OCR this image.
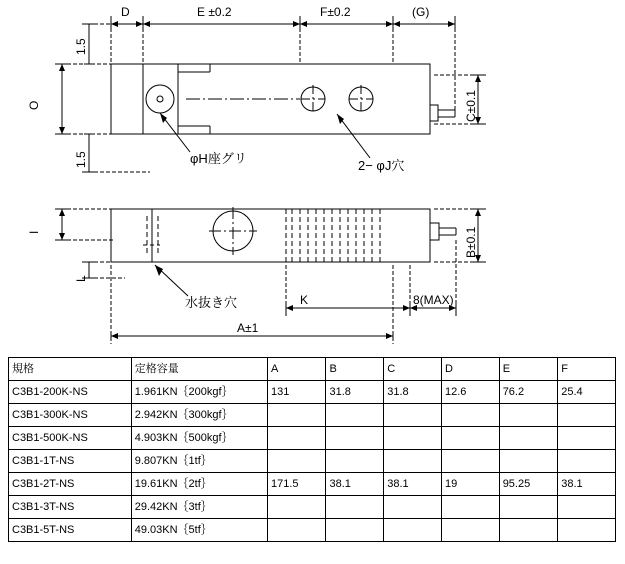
D	E ±0.2	F±0.2	(G)
K	8(MAX)
A±1
O
1.5
1.5
C±0.1
I
L
B±0.1
φH座グリ	2− φJ穴
水抜き穴
規格	定格容量	A	B	C	D	E	F
C3B1-200K-NS	1.961KN｛200kgf｝	131	31.8	31.8	12.6	76.2	25.4
C3B1-300K-NS	2.942KN｛300kgf｝						
C3B1-500K-NS	4.903KN｛500kgf｝						
C3B1-1T-NS	9.807KN｛1tf｝						
C3B1-2T-NS	19.61KN｛2tf｝	171.5	38.1	38.1	19	95.25	38.1
C3B1-3T-NS	29.42KN｛3tf｝						
C3B1-5T-NS	49.03KN｛5tf｝						
